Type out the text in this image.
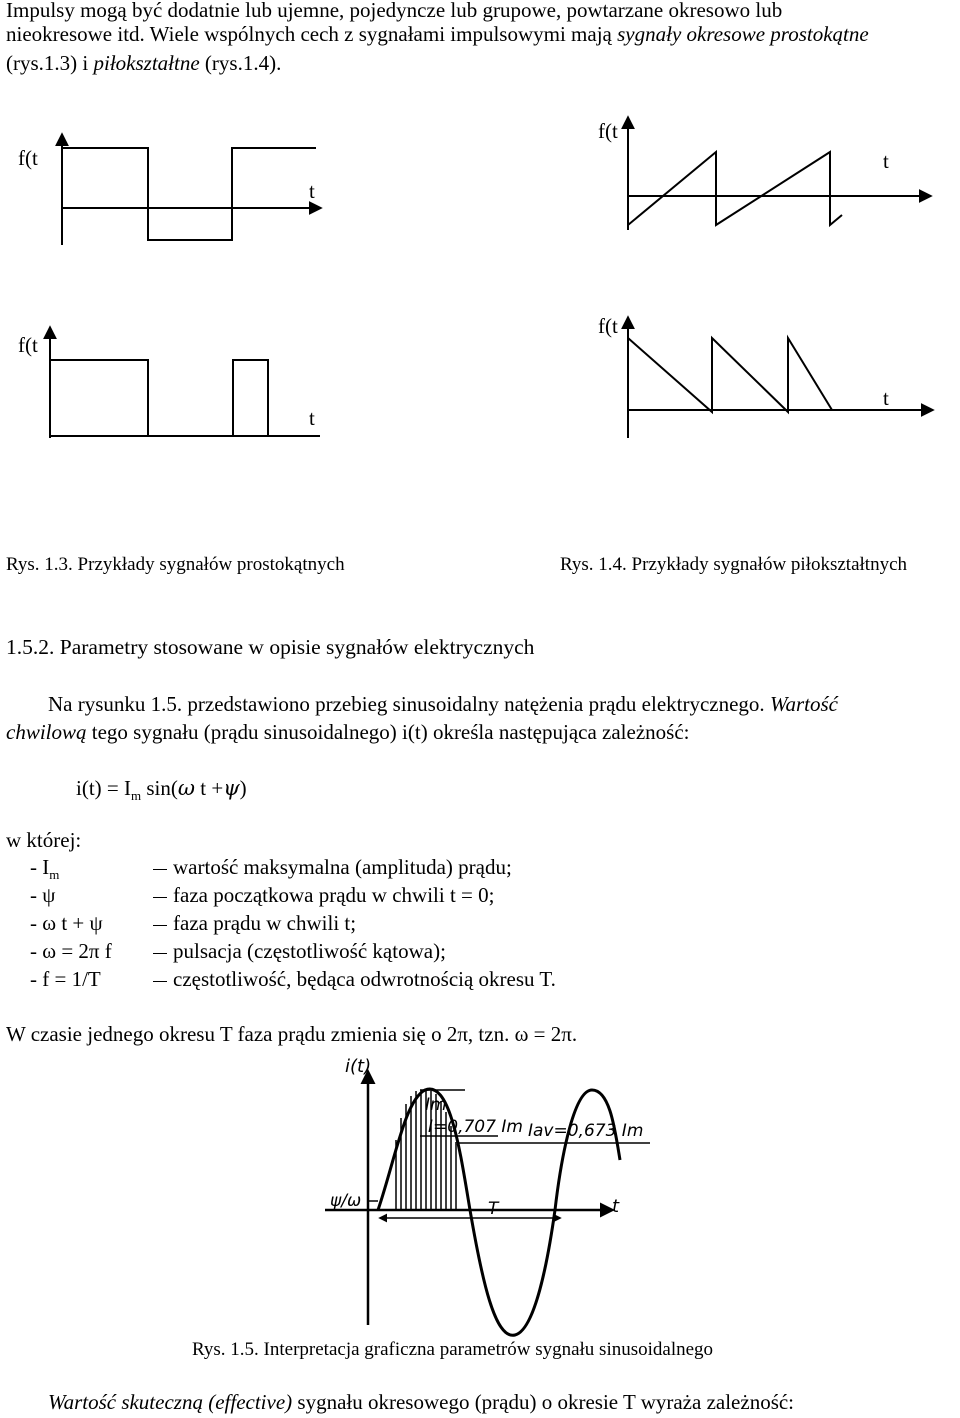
Impulsy mogą być dodatnie lub ujemne, pojedyncze lub grupowe, powtarzane okresowo lub
nieokresowe itd. Wiele wspólnych cech z sygnałami impulsowymi mają sygnały okresowe prostokątne
(rys.1.3) i piłokształtne (rys.1.4).
f(t
t
f(t
t
f(t
t
f(t
t
Rys. 1.3. Przykłady sygnałów prostokątnych	Rys. 1.4. Przykłady sygnałów piłokształtnych
1.5.2. Parametry stosowane w opisie sygnałów elektrycznych
Na rysunku 1.5. przedstawiono przebieg sinusoidalny natężenia prądu elektrycznego. Wartość
chwilową tego sygnału (prądu sinusoidalnego) i(t) określa następująca zależność:
$i(t) = I_m$ sin(ω t +ψ)
w której:
- $I_m$	wartość maksymalna (amplituda) prądu;
- ψ	faza początkowa prądu w chwili t = 0;
- ω t + ψ	faza prądu w chwili t;
- ω = 2π f	pulsacja (częstotliwość kątowa);
- f = 1/T	częstotliwość, będąca odwrotnością okresu T.
W czasie jednego okresu T faza prądu zmienia się o 2π, tzn. ω = 2π.
i(t)
Im
I=0,707 Im Iav=0,673 Im
ψ/ω	T	t
Rys. 1.5. Interpretacja graficzna parametrów sygnału sinusoidalnego
Wartość skuteczną (effective) sygnału okresowego (prądu) o okresie T wyraża zależność:
